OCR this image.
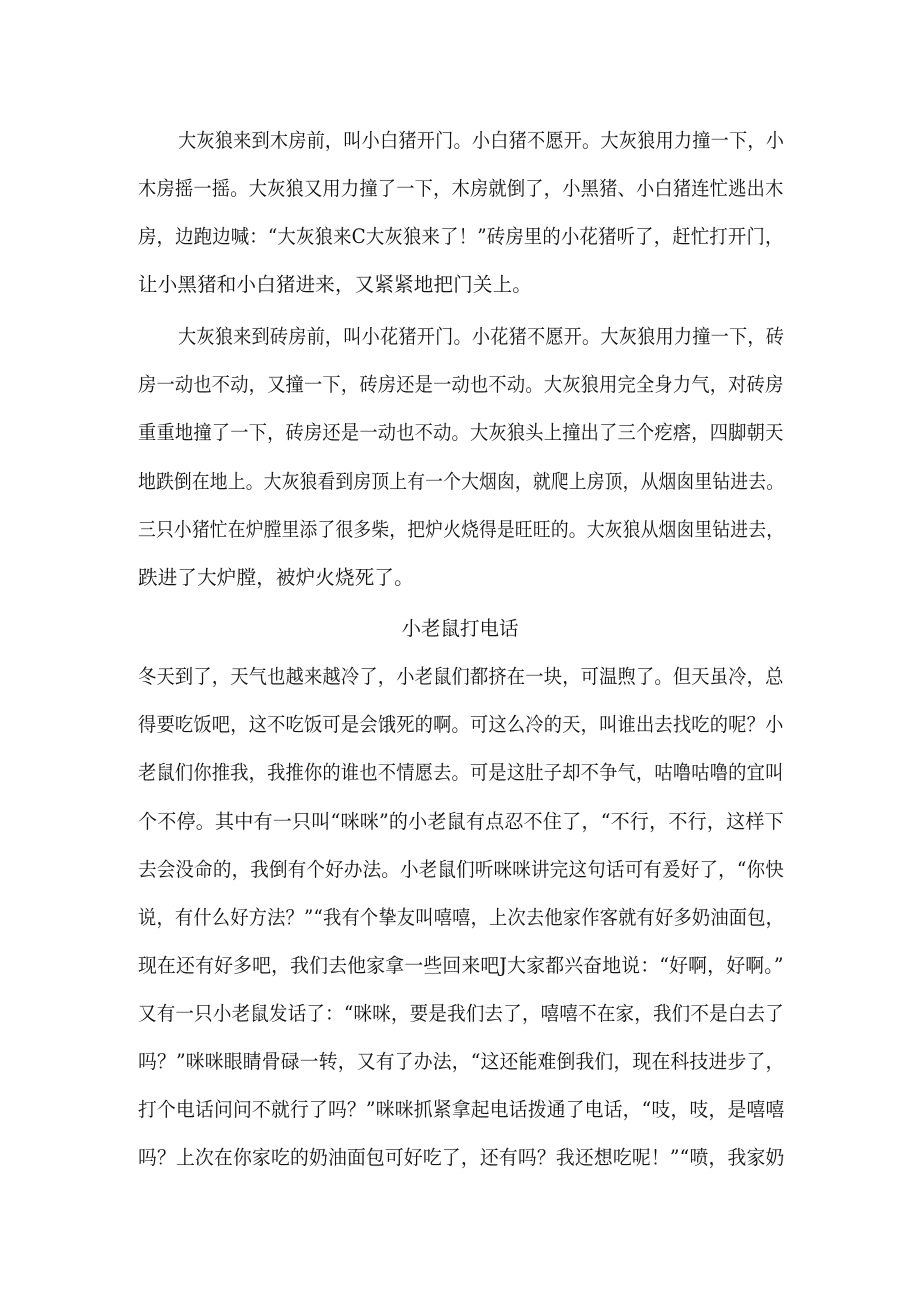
大灰狼来到木房前，叫小白猪开门。小白猪不愿开。大灰狼用力撞一下，小
木房摇一摇。大灰狼又用力撞了一下，木房就倒了，小黑猪、小白猪连忙逃出木
房，边跑边喊：“大灰狼来C大灰狼来了！”砖房里的小花猪听了，赶忙打开门，
让小黑猪和小白猪进来，又紧紧地把门关上。
大灰狼来到砖房前，叫小花猪开门。小花猪不愿开。大灰狼用力撞一下，砖
房一动也不动，又撞一下，砖房还是一动也不动。大灰狼用完全身力气，对砖房
重重地撞了一下，砖房还是一动也不动。大灰狼头上撞出了三个疙瘩，四脚朝天
地跌倒在地上。大灰狼看到房顶上有一个大烟囱，就爬上房顶，从烟囱里钻进去。
三只小猪忙在炉膛里添了很多柴，把炉火烧得是旺旺的。大灰狼从烟囱里钻进去，
跌进了大炉膛，被炉火烧死了。
小老鼠打电话
冬天到了，天气也越来越冷了，小老鼠们都挤在一块，可温煦了。但天虽冷，总
得要吃饭吧，这不吃饭可是会饿死的啊。可这么冷的天，叫谁出去找吃的呢？小
老鼠们你推我，我推你的谁也不情愿去。可是这肚子却不争气，咕噜咕噜的宜叫
个不停。其中有一只叫“咪咪”的小老鼠有点忍不住了，“不行，不行，这样下
去会没命的，我倒有个好办法。小老鼠们听咪咪讲完这句话可有爰好了，“你快
说，有什么好方法？”“我有个挚友叫嘻嘻，上次去他家作客就有好多奶油面包，
现在还有好多吧，我们去他家拿一些回来吧J大家都兴奋地说：“好啊，好啊。”
又有一只小老鼠发话了：“咪咪，要是我们去了，嘻嘻不在家，我们不是白去了
吗？”咪咪眼睛骨碌一转，又有了办法，“这还能难倒我们，现在科技进步了，
打个电话问问不就行了吗？”咪咪抓紧拿起电话拨通了电话，“吱，吱，是嘻嘻
吗？上次在你家吃的奶油面包可好吃了，还有吗？我还想吃呢！”“喷，我家奶
